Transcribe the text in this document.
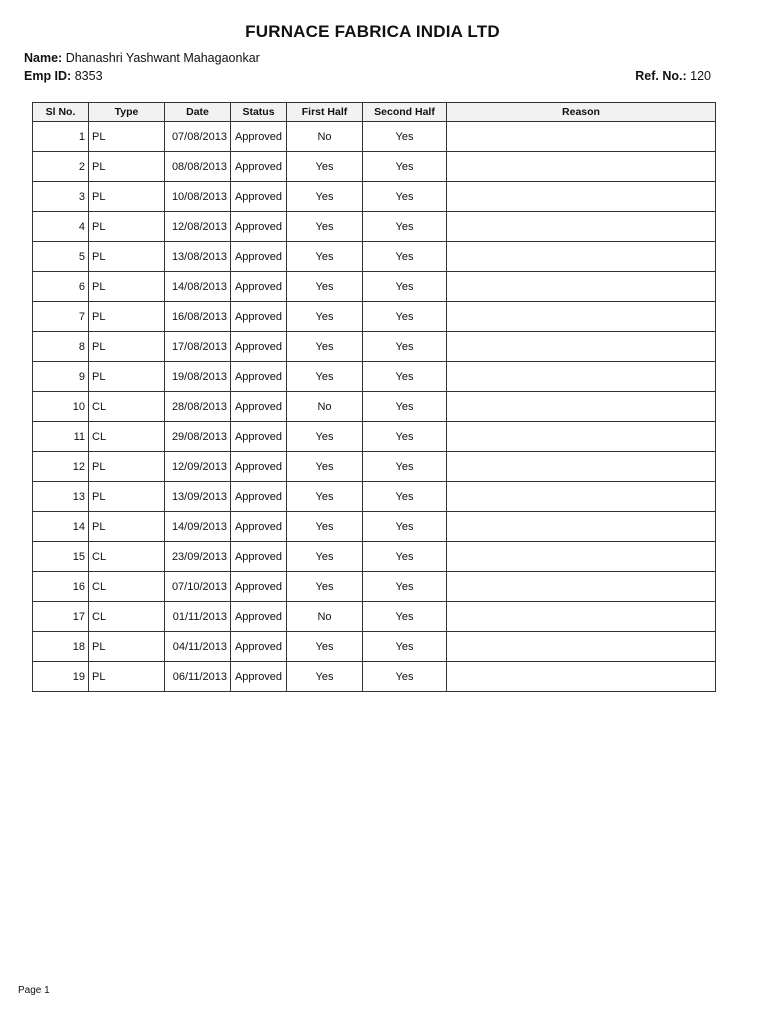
FURNACE FABRICA INDIA LTD
Name: Dhanashri Yashwant Mahagaonkar
Emp ID: 8353	Ref. No.: 120
Sl No.	Type	Date	Status	First Half	Second Half	Reason
1	PL	07/08/2013	Approved	No	Yes	
2	PL	08/08/2013	Approved	Yes	Yes	
3	PL	10/08/2013	Approved	Yes	Yes	
4	PL	12/08/2013	Approved	Yes	Yes	
5	PL	13/08/2013	Approved	Yes	Yes	
6	PL	14/08/2013	Approved	Yes	Yes	
7	PL	16/08/2013	Approved	Yes	Yes	
8	PL	17/08/2013	Approved	Yes	Yes	
9	PL	19/08/2013	Approved	Yes	Yes	
10	CL	28/08/2013	Approved	No	Yes	
11	CL	29/08/2013	Approved	Yes	Yes	
12	PL	12/09/2013	Approved	Yes	Yes	
13	PL	13/09/2013	Approved	Yes	Yes	
14	PL	14/09/2013	Approved	Yes	Yes	
15	CL	23/09/2013	Approved	Yes	Yes	
16	CL	07/10/2013	Approved	Yes	Yes	
17	CL	01/11/2013	Approved	No	Yes	
18	PL	04/11/2013	Approved	Yes	Yes	
19	PL	06/11/2013	Approved	Yes	Yes	
Page 1
